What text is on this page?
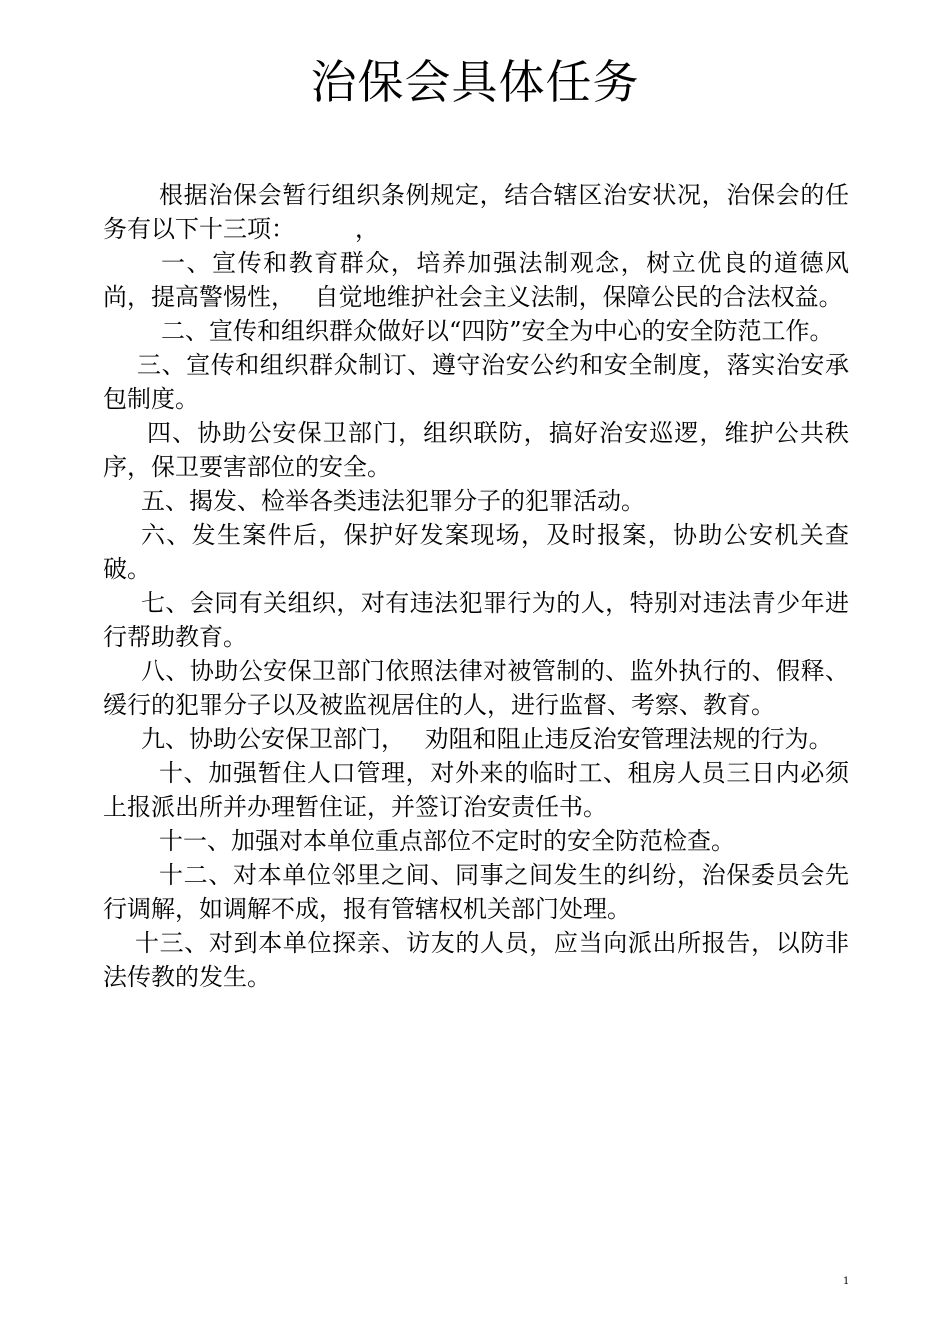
治保会具体任务

根据治保会暂行组织条例规定，结合辖区治安状况，治保会的任务有以下十三项：　　　，

一、宣传和教育群众，培养加强法制观念，树立优良的道德风尚，提高警惕性，　 自觉地维护社会主义法制，保障公民的合法权益。

二、宣传和组织群众做好以“四防”安全为中心的安全防范工作。

三、宣传和组织群众制订、遵守治安公约和安全制度，落实治安承包制度。

四、协助公安保卫部门，组织联防，搞好治安巡逻，维护公共秩序，保卫要害部位的安全。

五、揭发、检举各类违法犯罪分子的犯罪活动。

六、发生案件后，保护好发案现场，及时报案，协助公安机关查破。

七、会同有关组织，对有违法犯罪行为的人，特别对违法青少年进行帮助教育。

八、协助公安保卫部门依照法律对被管制的、监外执行的、假释、缓行的犯罪分子以及被监视居住的人，进行监督、考察、教育。

九、协助公安保卫部门，　 劝阻和阻止违反治安管理法规的行为。

十、加强暂住人口管理，对外来的临时工、租房人员三日内必须上报派出所并办理暂住证，并签订治安责任书。

十一、加强对本单位重点部位不定时的安全防范检查。

十二、对本单位邻里之间、同事之间发生的纠纷，治保委员会先行调解，如调解不成，报有管辖权机关部门处理。

十三、对到本单位探亲、访友的人员，应当向派出所报告，以防非法传教的发生。

1
